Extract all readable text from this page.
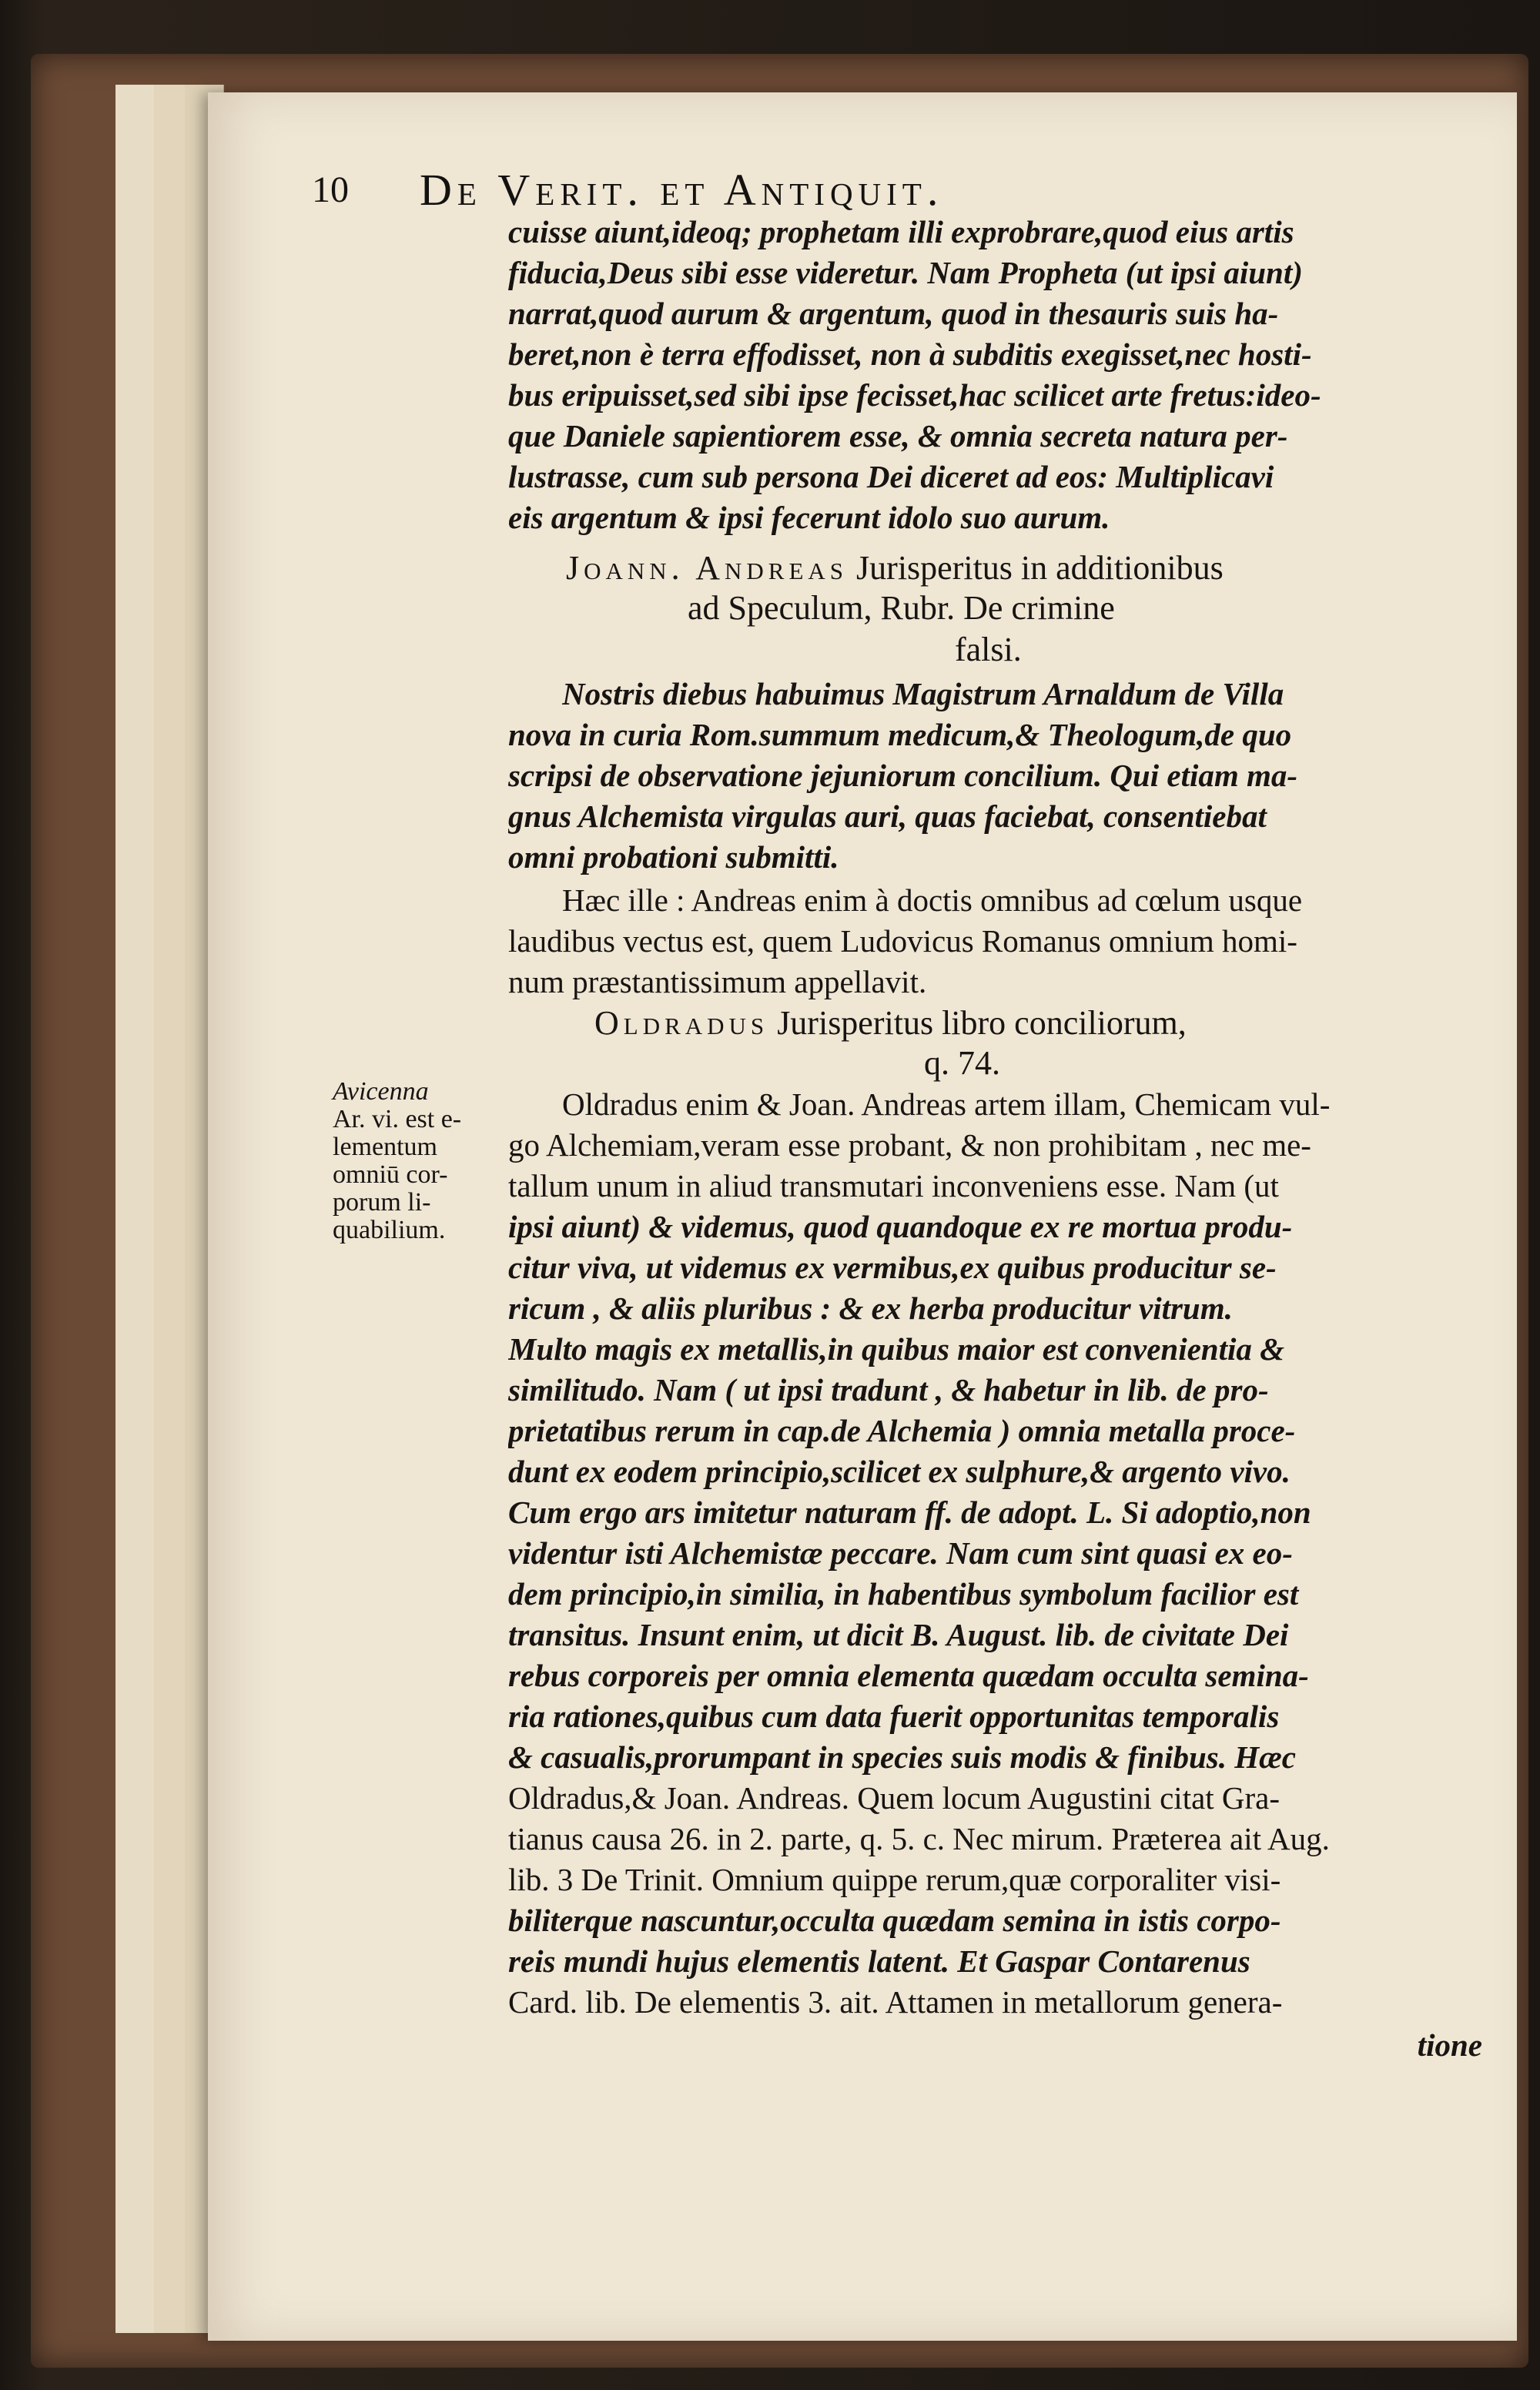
10 De Verit. et Antiquit.
cuisse aiunt,ideoq; prophetam illi exprobrare,quod eius artis
fiducia,Deus sibi esse videretur. Nam Propheta (ut ipsi aiunt)
narrat,quod aurum & argentum, quod in thesauris suis ha-
beret,non è terra effodisset, non à subditis exegisset,nec hosti-
bus eripuisset,sed sibi ipse fecisset,hac scilicet arte fretus:ideo-
que Daniele sapientiorem esse, & omnia secreta natura per-
lustrasse, cum sub persona Dei diceret ad eos: Multiplicavi
eis argentum & ipsi fecerunt idolo suo aurum.
Joann. Andreas Jurisperitus in additionibus
ad Speculum, Rubr. De crimine
falsi.
Nostris diebus habuimus Magistrum Arnaldum de Villa
nova in curia Rom.summum medicum,& Theologum,de quo
scripsi de observatione jejuniorum concilium. Qui etiam ma-
gnus Alchemista virgulas auri, quas faciebat, consentiebat
omni probationi submitti.
Hæc ille : Andreas enim à doctis omnibus ad cœlum usque
laudibus vectus est, quem Ludovicus Romanus omnium homi-
num præstantissimum appellavit.
Oldradus Jurisperitus libro conciliorum,
q. 74.
Avicenna
Ar. vi. est e-
lementum
omniū cor-
porum li-
quabilium.
Oldradus enim & Joan. Andreas artem illam, Chemicam vul-
go Alchemiam,veram esse probant, & non prohibitam , nec me-
tallum unum in aliud transmutari inconveniens esse. Nam (ut
ipsi aiunt) & videmus, quod quandoque ex re mortua produ-
citur viva, ut videmus ex vermibus,ex quibus producitur se-
ricum , & aliis pluribus : & ex herba producitur vitrum.
Multo magis ex metallis,in quibus maior est convenientia &
similitudo. Nam ( ut ipsi tradunt , & habetur in lib. de pro-
prietatibus rerum in cap.de Alchemia ) omnia metalla proce-
dunt ex eodem principio,scilicet ex sulphure,& argento vivo.
Cum ergo ars imitetur naturam ff. de adopt. L. Si adoptio,non
videntur isti Alchemistæ peccare. Nam cum sint quasi ex eo-
dem principio,in similia, in habentibus symbolum facilior est
transitus. Insunt enim, ut dicit B. August. lib. de civitate Dei
rebus corporeis per omnia elementa quædam occulta semina-
ria rationes,quibus cum data fuerit opportunitas temporalis
& casualis,prorumpant in species suis modis & finibus. Hæc
Oldradus,& Joan. Andreas. Quem locum Augustini citat Gra-
tianus causa 26. in 2. parte, q. 5. c. Nec mirum. Præterea ait Aug.
lib. 3 De Trinit. Omnium quippe rerum,quæ corporaliter visi-
biliterque nascuntur,occulta quædam semina in istis corpo-
reis mundi hujus elementis latent. Et Gaspar Contarenus
Card. lib. De elementis 3. ait. Attamen in metallorum genera-
tione
